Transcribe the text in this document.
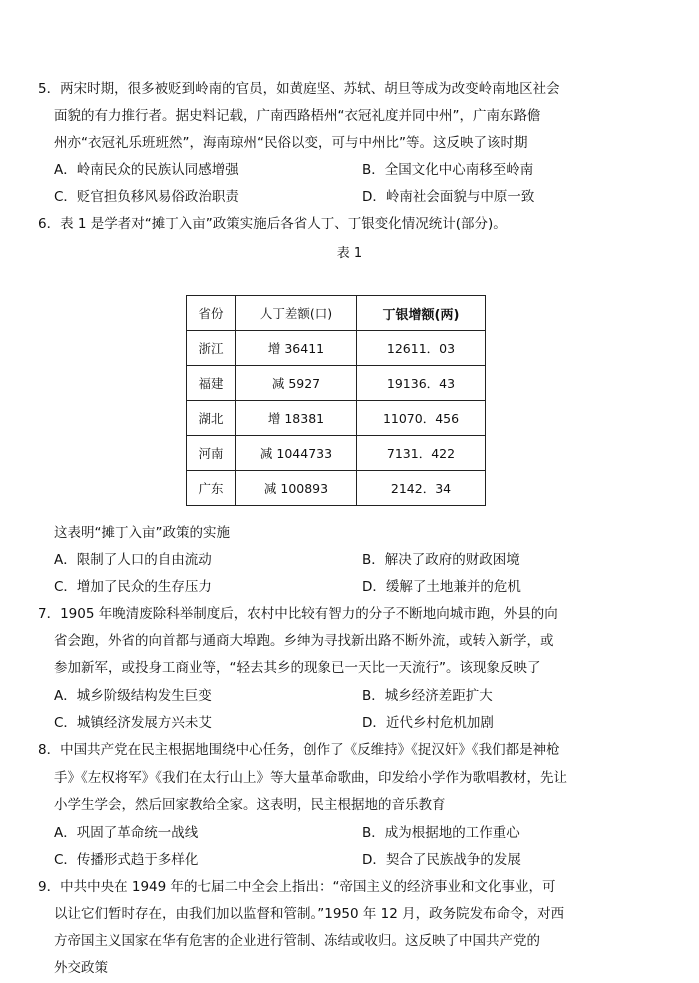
5．两宋时期，很多被贬到岭南的官员，如黄庭坚、苏轼、胡旦等成为改变岭南地区社会
面貌的有力推行者。据史料记载，广南西路梧州“衣冠礼度并同中州”，广南东路儋
州亦“衣冠礼乐班班然”，海南琼州“民俗以变，可与中州比”等。这反映了该时期
A．岭南民众的民族认同感增强	B．全国文化中心南移至岭南
C．贬官担负移风易俗政治职责	D．岭南社会面貌与中原一致
6．表 1 是学者对“摊丁入亩”政策实施后各省人丁、丁银变化情况统计(部分)。
表 1
省份	人丁差额(口)	丁银增额(两)
浙江	增 36411	12611．03
福建	减 5927	19136．43
湖北	增 18381	11070．456
河南	减 1044733	7131．422
广东	减 100893	2142．34
这表明“摊丁入亩”政策的实施
A．限制了人口的自由流动	B．解决了政府的财政困境
C．增加了民众的生存压力	D．缓解了土地兼并的危机
7．1905 年晚清废除科举制度后，农村中比较有智力的分子不断地向城市跑，外县的向
省会跑，外省的向首都与通商大埠跑。乡绅为寻找新出路不断外流，或转入新学，或
参加新军，或投身工商业等，“轻去其乡的现象已一天比一天流行”。该现象反映了
A．城乡阶级结构发生巨变	B．城乡经济差距扩大
C．城镇经济发展方兴未艾	D．近代乡村危机加剧
8．中国共产党在民主根据地围绕中心任务，创作了《反维持》《捉汉奸》《我们都是神枪
手》《左权将军》《我们在太行山上》等大量革命歌曲，印发给小学作为歌唱教材，先让
小学生学会，然后回家教给全家。这表明，民主根据地的音乐教育
A．巩固了革命统一战线	B．成为根据地的工作重心
C．传播形式趋于多样化	D．契合了民族战争的发展
9．中共中央在 1949 年的七届二中全会上指出：“帝国主义的经济事业和文化事业，可
以让它们暂时存在，由我们加以监督和管制。”1950 年 12 月，政务院发布命令，对西
方帝国主义国家在华有危害的企业进行管制、冻结或收归。这反映了中国共产党的
外交政策
